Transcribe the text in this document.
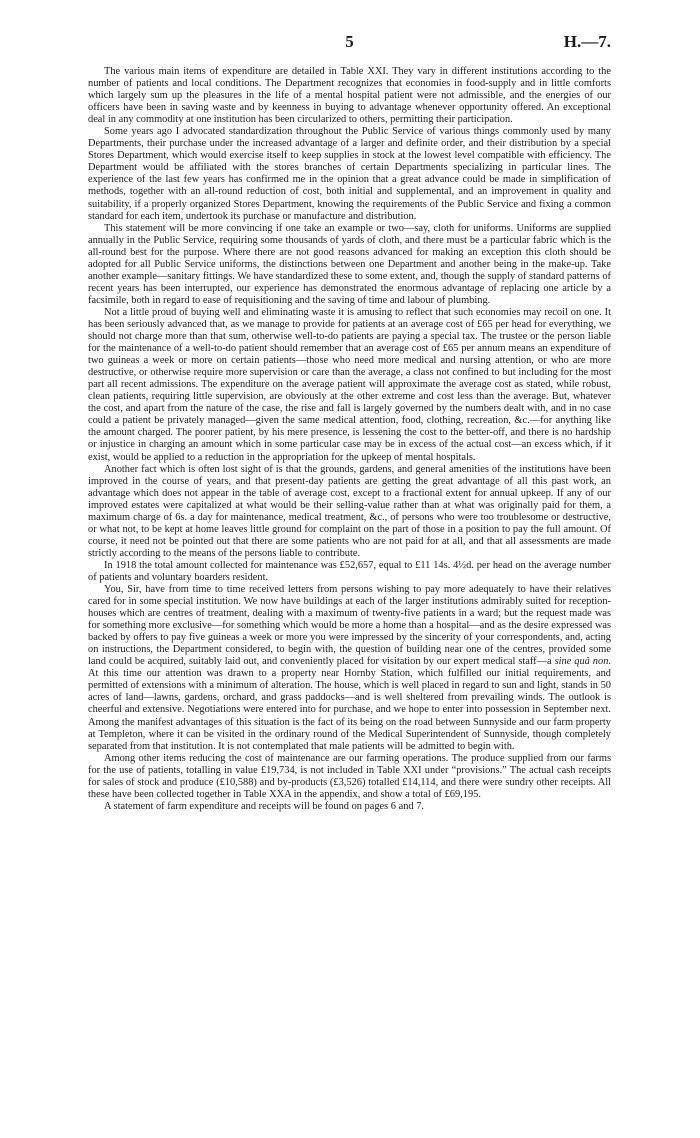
5	H.—7.

The various main items of expenditure are detailed in Table XXI. They vary in different institutions according to the number of patients and local conditions. The Department recognizes that economies in food-supply and in little comforts which largely sum up the pleasures in the life of a mental hospital patient were not admissible, and the energies of our officers have been in saving waste and by keenness in buying to advantage whenever opportunity offered. An exceptional deal in any commodity at one institution has been circularized to others, permitting their participation.

Some years ago I advocated standardization throughout the Public Service of various things commonly used by many Departments, their purchase under the increased advantage of a larger and definite order, and their distribution by a special Stores Department, which would exercise itself to keep supplies in stock at the lowest level compatible with efficiency. The Department would be affiliated with the stores branches of certain Departments specializing in particular lines. The experience of the last few years has confirmed me in the opinion that a great advance could be made in simplification of methods, together with an all-round reduction of cost, both initial and supplemental, and an improvement in quality and suitability, if a properly organized Stores Department, knowing the requirements of the Public Service and fixing a common standard for each item, undertook its purchase or manufacture and distribution.

This statement will be more convincing if one take an example or two—say, cloth for uniforms. Uniforms are supplied annually in the Public Service, requiring some thousands of yards of cloth, and there must be a particular fabric which is the all-round best for the purpose. Where there are not good reasons advanced for making an exception this cloth should be adopted for all Public Service uniforms, the distinctions between one Department and another being in the make-up. Take another example—sanitary fittings. We have standardized these to some extent, and, though the supply of standard patterns of recent years has been interrupted, our experience has demonstrated the enormous advantage of replacing one article by a facsimile, both in regard to ease of requisitioning and the saving of time and labour of plumbing.

Not a little proud of buying well and eliminating waste it is amusing to reflect that such economies may recoil on one. It has been seriously advanced that, as we manage to provide for patients at an average cost of £65 per head for everything, we should not charge more than that sum, otherwise well-to-do patients are paying a special tax. The trustee or the person liable for the maintenance of a well-to-do patient should remember that an average cost of £65 per annum means an expenditure of two guineas a week or more on certain patients—those who need more medical and nursing attention, or who are more destructive, or otherwise require more supervision or care than the average, a class not confined to but including for the most part all recent admissions. The expenditure on the average patient will approximate the average cost as stated, while robust, clean patients, requiring little supervision, are obviously at the other extreme and cost less than the average. But, whatever the cost, and apart from the nature of the case, the rise and fall is largely governed by the numbers dealt with, and in no case could a patient be privately managed—given the same medical attention, food, clothing, recreation, &c.—for anything like the amount charged. The poorer patient, by his mere presence, is lessening the cost to the better-off, and there is no hardship or injustice in charging an amount which in some particular case may be in excess of the actual cost—an excess which, if it exist, would be applied to a reduction in the appropriation for the upkeep of mental hospitals.

Another fact which is often lost sight of is that the grounds, gardens, and general amenities of the institutions have been improved in the course of years, and that present-day patients are getting the great advantage of all this past work, an advantage which does not appear in the table of average cost, except to a fractional extent for annual upkeep. If any of our improved estates were capitalized at what would be their selling-value rather than at what was originally paid for them, a maximum charge of 6s. a day for maintenance, medical treatment, &c., of persons who were too troublesome or destructive, or what not, to be kept at home leaves little ground for complaint on the part of those in a position to pay the full amount. Of course, it need not be pointed out that there are some patients who are not paid for at all, and that all assessments are made strictly according to the means of the persons liable to contribute.

In 1918 the total amount collected for maintenance was £52,657, equal to £11 14s. 4½d. per head on the average number of patients and voluntary boarders resident.

You, Sir, have from time to time received letters from persons wishing to pay more adequately to have their relatives cared for in some special institution. We now have buildings at each of the larger institutions admirably suited for reception-houses which are centres of treatment, dealing with a maximum of twenty-five patients in a ward; but the request made was for something more exclusive—for something which would be more a home than a hospital—and as the desire expressed was backed by offers to pay five guineas a week or more you were impressed by the sincerity of your correspondents, and, acting on instructions, the Department considered, to begin with, the question of building near one of the centres, provided some land could be acquired, suitably laid out, and conveniently placed for visitation by our expert medical staff—a sine quâ non. At this time our attention was drawn to a property near Hornby Station, which fulfilled our initial requirements, and permitted of extensions with a minimum of alteration. The house, which is well placed in regard to sun and light, stands in 50 acres of land—lawns, gardens, orchard, and grass paddocks—and is well sheltered from prevailing winds. The outlook is cheerful and extensive. Negotiations were entered into for purchase, and we hope to enter into possession in September next. Among the manifest advantages of this situation is the fact of its being on the road between Sunnyside and our farm property at Templeton, where it can be visited in the ordinary round of the Medical Superintendent of Sunnyside, though completely separated from that institution. It is not contemplated that male patients will be admitted to begin with.

Among other items reducing the cost of maintenance are our farming operations. The produce supplied from our farms for the use of patients, totalling in value £19,734, is not included in Table XXI under “provisions.” The actual cash receipts for sales of stock and produce (£10,588) and by-products (£3,526) totalled £14,114, and there were sundry other receipts. All these have been collected together in Table XXA in the appendix, and show a total of £69,195.

A statement of farm expenditure and receipts will be found on pages 6 and 7.
